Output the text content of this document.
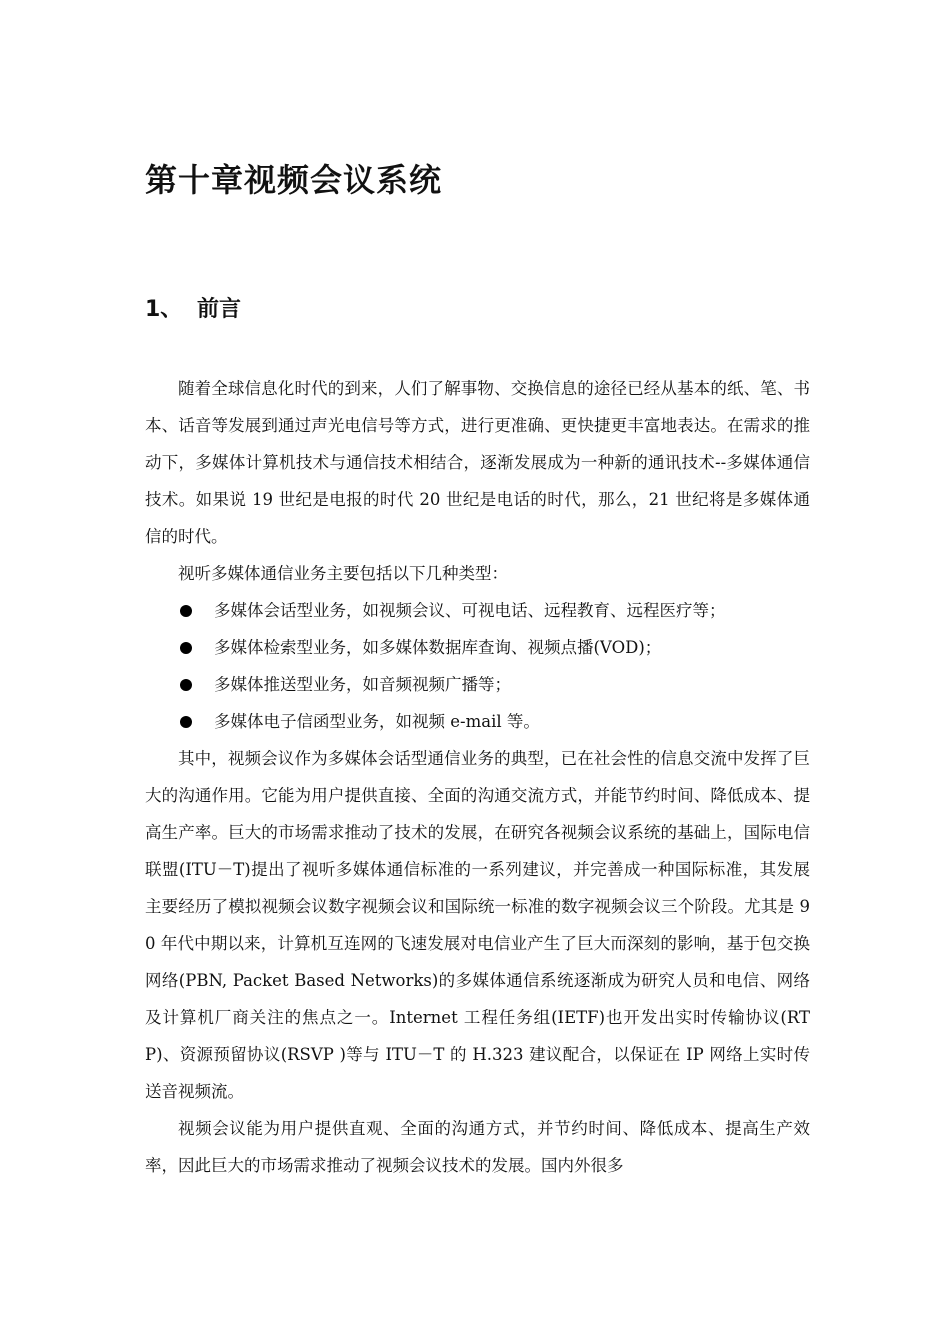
第十章视频会议系统
1、 前言

随着全球信息化时代的到来，人们了解事物、交换信息的途径已经从基本的纸、笔、书本、话音等发展到通过声光电信号等方式，进行更准确、更快捷更丰富地表达。在需求的推动下，多媒体计算机技术与通信技术相结合，逐渐发展成为一种新的通讯技术--多媒体通信技术。如果说 19 世纪是电报的时代 20 世纪是电话的时代，那么，21 世纪将是多媒体通信的时代。

视听多媒体通信业务主要包括以下几种类型：

多媒体会话型业务，如视频会议、可视电话、远程教育、远程医疗等；
多媒体检索型业务，如多媒体数据库查询、视频点播(VOD)；
多媒体推送型业务，如音频视频广播等；
多媒体电子信函型业务，如视频 e-mail 等。

其中，视频会议作为多媒体会话型通信业务的典型，已在社会性的信息交流中发挥了巨大的沟通作用。它能为用户提供直接、全面的沟通交流方式，并能节约时间、降低成本、提高生产率。巨大的市场需求推动了技术的发展，在研究各视频会议系统的基础上，国际电信联盟(ITU－T)提出了视听多媒体通信标准的一系列建议，并完善成一种国际标准，其发展主要经历了模拟视频会议数字视频会议和国际统一标准的数字视频会议三个阶段。尤其是 90 年代中期以来，计算机互连网的飞速发展对电信业产生了巨大而深刻的影响，基于包交换网络(PBN, Packet Based Networks)的多媒体通信系统逐渐成为研究人员和电信、网络及计算机厂商关注的焦点之一。Internet 工程任务组(IETF)也开发出实时传输协议(RTP)、资源预留协议(RSVP )等与 ITU－T 的 H.323 建议配合，以保证在 IP 网络上实时传送音视频流。

视频会议能为用户提供直观、全面的沟通方式，并节约时间、降低成本、提高生产效率，因此巨大的市场需求推动了视频会议技术的发展。国内外很多
